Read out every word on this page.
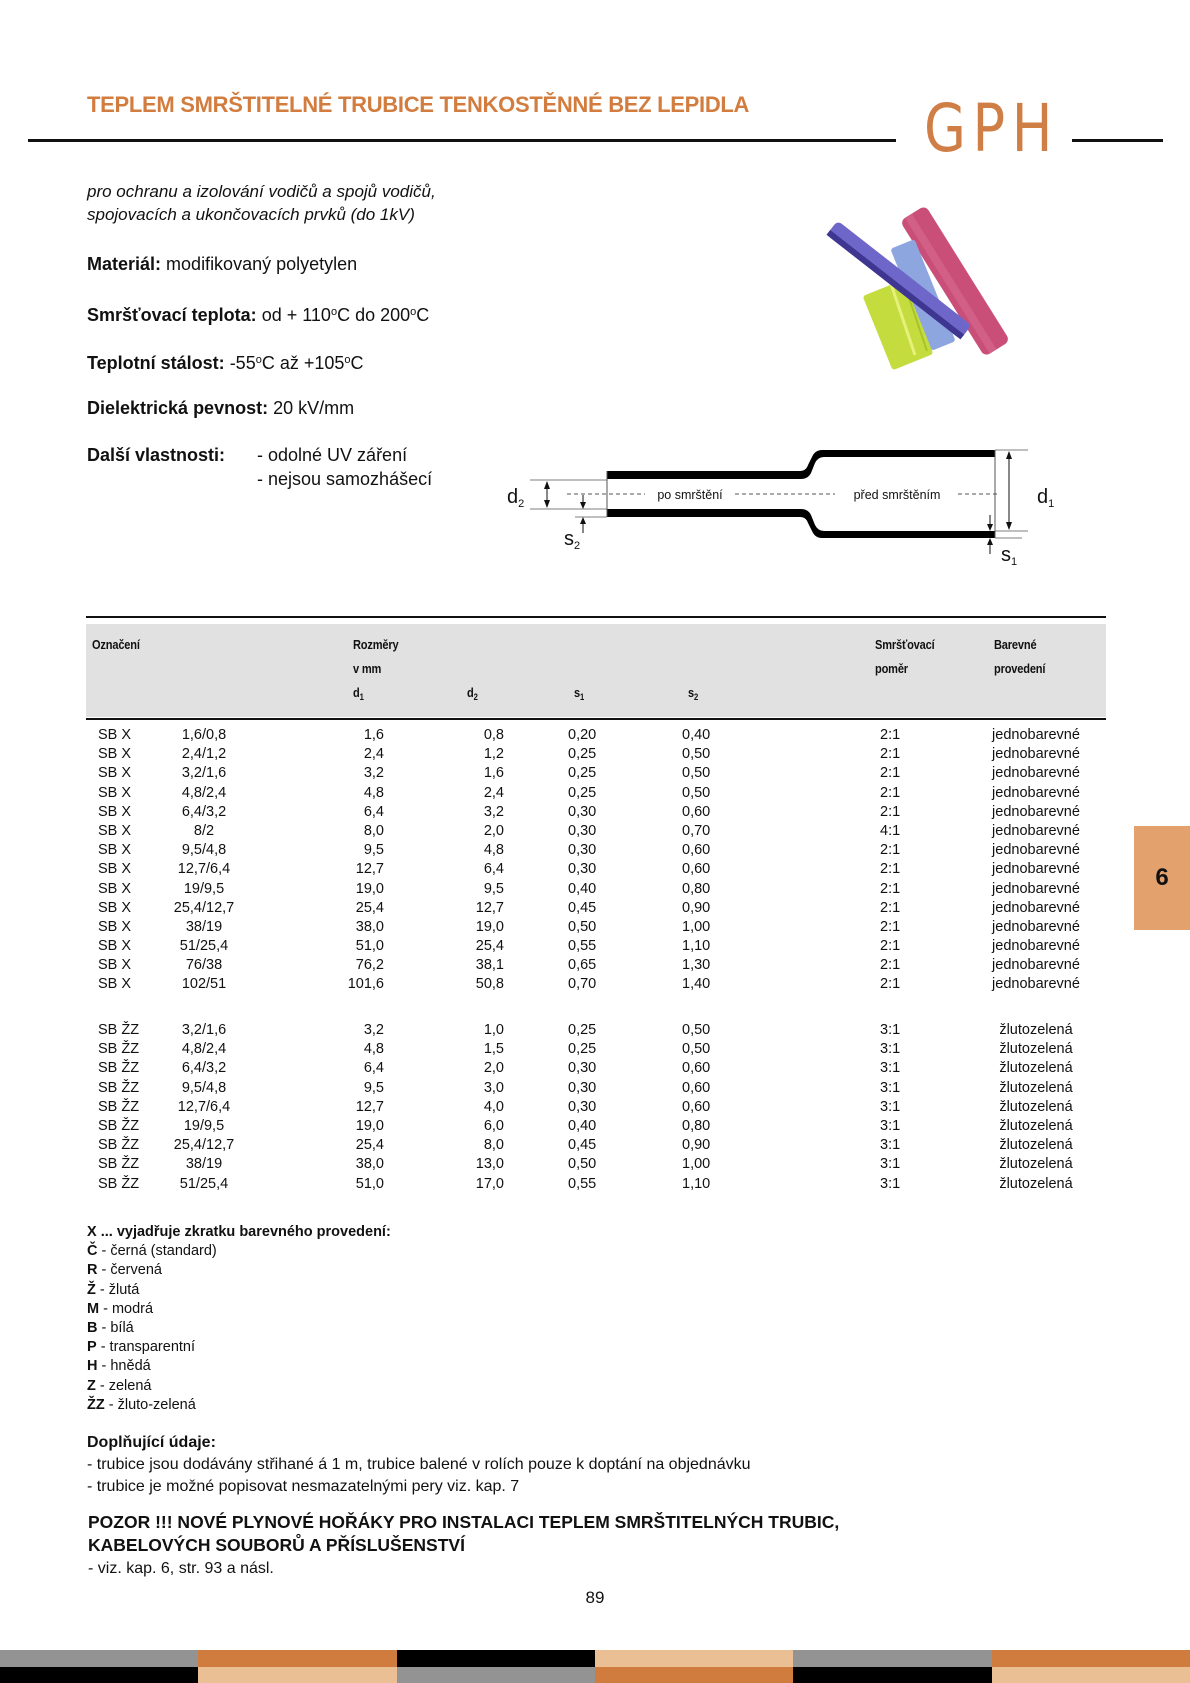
TEPLEM SMRŠTITELNÉ TRUBICE TENKOSTĚNNÉ BEZ LEPIDLA	GPH
pro ochranu a izolování vodičů a spojů vodičů,
spojovacích a ukončovacích prvků (do 1kV)
Materiál: modifikovaný polyetylen
Smršťovací teplota: od + $110^oC$ do 200$^o$C
Teplotní stálost: -55$^o$C až $+105^oC$
Dielektrická pevnost: 20 kV/mm
Další vlastnosti: - odolné UV záření
- nejsou samozhášecí
po smrštění	před smrštěním
$d_2$
$s_2$
$d_1$
$s_1$
Označení	Rozměry
v mm
$d_1$	$d_2$	$s_1$	$s_2$
Smršťovací
poměr
Barevné
provedení
SB X	1,6/0,8	1,6	0,8	0,20	0,40	2:1	jednobarevné
SB X	2,4/1,2	2,4	1,2	0,25	0,50	2:1	jednobarevné
SB X	3,2/1,6	3,2	1,6	0,25	0,50	2:1	jednobarevné
SB X	4,8/2,4	4,8	2,4	0,25	0,50	2:1	jednobarevné
SB X	6,4/3,2	6,4	3,2	0,30	0,60	2:1	jednobarevné
SB X	8/2	8,0	2,0	0,30	0,70	4:1	jednobarevné
SB X	9,5/4,8	9,5	4,8	0,30	0,60	2:1	jednobarevné
SB X	12,7/6,4	12,7	6,4	0,30	0,60	2:1	jednobarevné
SB X	19/9,5	19,0	9,5	0,40	0,80	2:1	jednobarevné
SB X	25,4/12,7	25,4	12,7	0,45	0,90	2:1	jednobarevné
SB X	38/19	38,0	19,0	0,50	1,00	2:1	jednobarevné
SB X	51/25,4	51,0	25,4	0,55	1,10	2:1	jednobarevné
SB X	76/38	76,2	38,1	0,65	1,30	2:1	jednobarevné
SB X	102/51	101,6	50,8	0,70	1,40	2:1	jednobarevné
SB ŽZ	3,2/1,6	3,2	1,0	0,25	0,50	3:1	žlutozelená
SB ŽZ	4,8/2,4	4,8	1,5	0,25	0,50	3:1	žlutozelená
SB ŽZ	6,4/3,2	6,4	2,0	0,30	0,60	3:1	žlutozelená
SB ŽZ	9,5/4,8	9,5	3,0	0,30	0,60	3:1	žlutozelená
SB ŽZ	12,7/6,4	12,7	4,0	0,30	0,60	3:1	žlutozelená
SB ŽZ	19/9,5	19,0	6,0	0,40	0,80	3:1	žlutozelená
SB ŽZ	25,4/12,7	25,4	8,0	0,45	0,90	3:1	žlutozelená
SB ŽZ	38/19	38,0	13,0	0,50	1,00	3:1	žlutozelená
SB ŽZ	51/25,4	51,0	17,0	0,55	1,10	3:1	žlutozelená
X ... vyjadřuje zkratku barevného provedení:
Č - černá (standard)
R - červená
Ž - žlutá
M - modrá
B - bílá
P - transparentní
H - hnědá
Z - zelená
ŽZ - žluto-zelená
Doplňující údaje:
- trubice jsou dodávány střihané á 1 m, trubice balené v rolích pouze k doptání na objednávku
- trubice je možné popisovat nesmazatelnými pery viz. kap. 7
POZOR !!! NOVÉ PLYNOVÉ HOŘÁKY PRO INSTALACI TEPLEM SMRŠTITELNÝCH TRUBIC,
KABELOVÝCH SOUBORŮ A PŘÍSLUŠENSTVÍ
- viz. kap. 6, str. 93 a násl.
89
6
